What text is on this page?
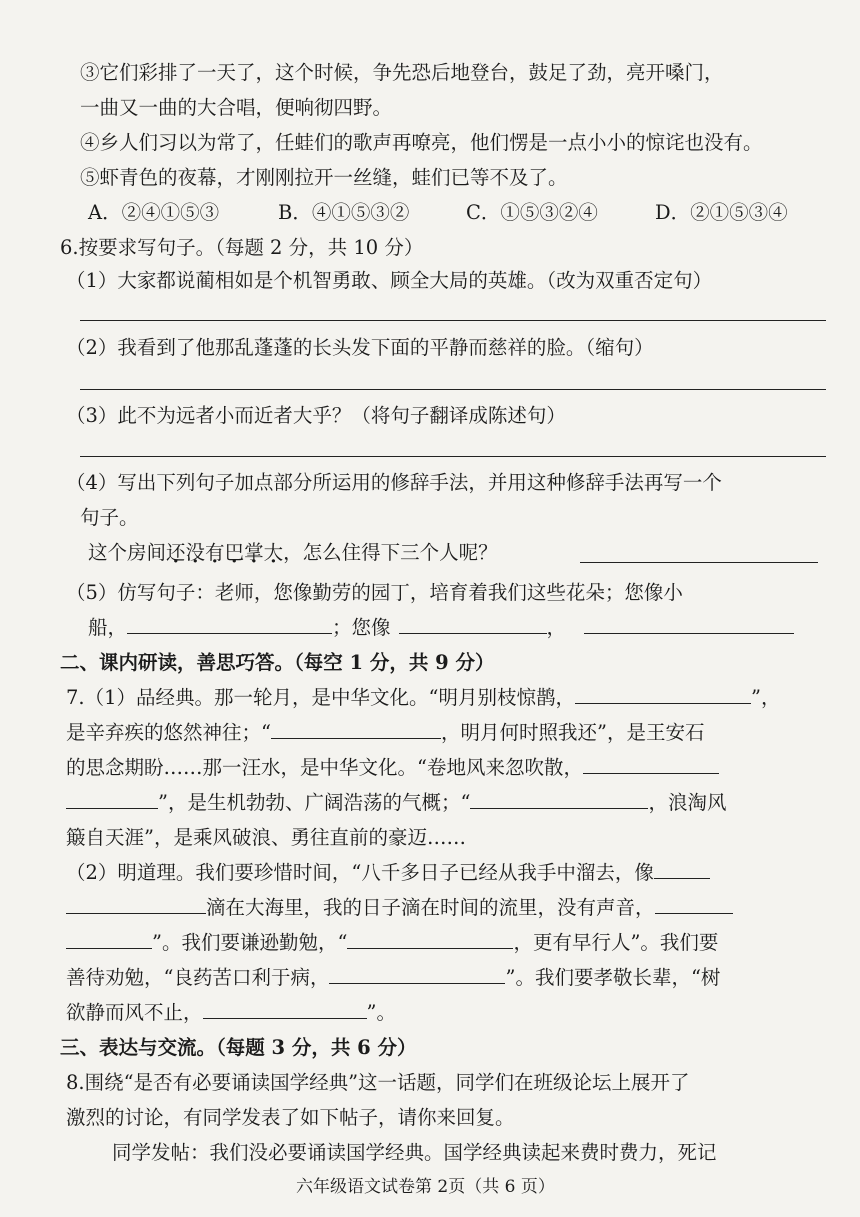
③它们彩排了一天了，这个时候，争先恐后地登台，鼓足了劲，亮开嗓门，
一曲又一曲的大合唱，便响彻四野。
④乡人们习以为常了，任蛙们的歌声再嘹亮，他们愣是一点小小的惊诧也没有。
⑤虾青色的夜幕，才刚刚拉开一丝缝，蛙们已等不及了。
A．②④①⑤③	B．④①⑤③②	C．①⑤③②④	D．②①⑤③④
6.按要求写句子。（每题 2 分，共 10 分）
（1）大家都说蔺相如是个机智勇敢、顾全大局的英雄。（改为双重否定句）
（2）我看到了他那乱蓬蓬的长头发下面的平静而慈祥的脸。（缩句）
（3）此不为远者小而近者大乎？（将句子翻译成陈述句）
（4）写出下列句子加点部分所运用的修辞手法，并用这种修辞手法再写一个
句子。
这个房间还没有巴掌大，怎么住得下三个人呢？
（5）仿写句子：老师，您像勤劳的园丁，培育着我们这些花朵；您像小
船，	；您像	，
二、课内研读，善思巧答。（每空 1 分，共 9 分）
7.（1）品经典。那一轮月，是中华文化。“明月别枝惊鹊，	”，
是辛弃疾的悠然神往；“	，明月何时照我还”，是王安石
的思念期盼……那一汪水，是中华文化。“卷地风来忽吹散，
”，是生机勃勃、广阔浩荡的气概；“	，浪淘风
簸自天涯”，是乘风破浪、勇往直前的豪迈……
（2）明道理。我们要珍惜时间，“八千多日子已经从我手中溜去，像
滴在大海里，我的日子滴在时间的流里，没有声音，
”。我们要谦逊勤勉，“	，更有早行人”。我们要
善待劝勉，“良药苦口利于病，	”。我们要孝敬长辈，“树
欲静而风不止，	”。
三、表达与交流。（每题 3 分，共 6 分）
8.围绕“是否有必要诵读国学经典”这一话题，同学们在班级论坛上展开了
激烈的讨论，有同学发表了如下帖子，请你来回复。
同学发帖：我们没必要诵读国学经典。国学经典读起来费时费力，死记
六年级语文试卷第 2页（共 6 页）
